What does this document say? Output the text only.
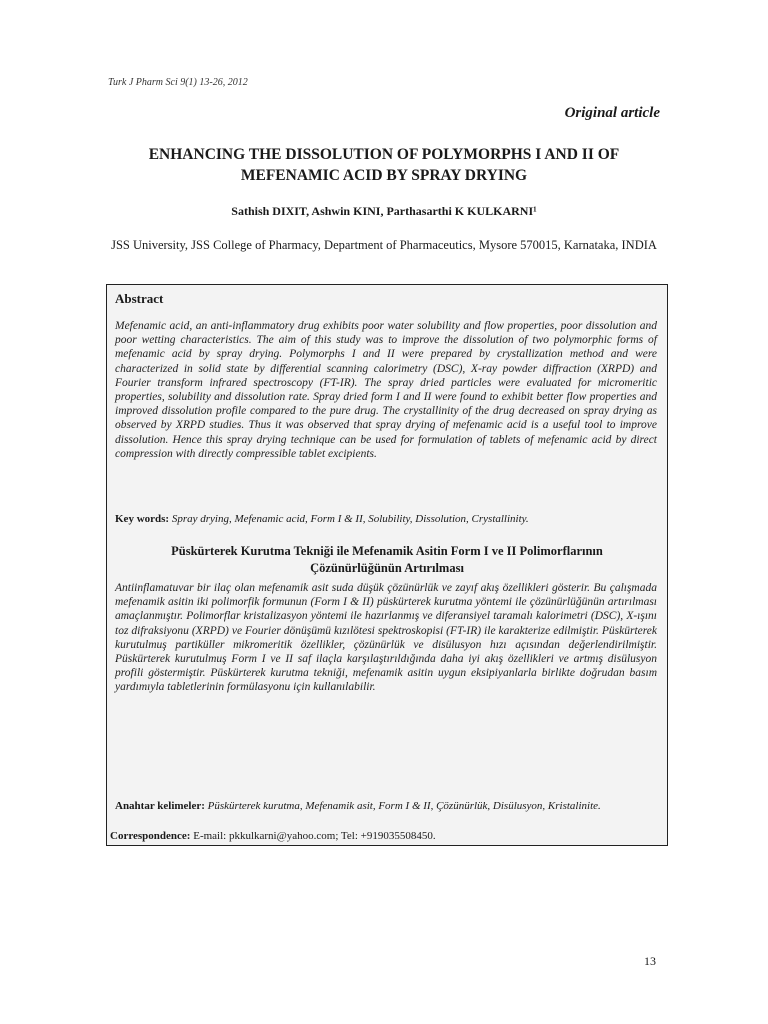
Turk J Pharm Sci 9(1) 13-26, 2012
Original article
ENHANCING THE DISSOLUTION OF POLYMORPHS I AND II OF MEFENAMIC ACID BY SPRAY DRYING
Sathish DIXIT, Ashwin KINI, Parthasarthi K KULKARNI¹
JSS University, JSS College of Pharmacy, Department of Pharmaceutics, Mysore 570015, Karnataka, INDIA
Abstract
Mefenamic acid, an anti-inflammatory drug exhibits poor water solubility and flow properties, poor dissolution and poor wetting characteristics. The aim of this study was to improve the dissolution of two polymorphic forms of mefenamic acid by spray drying. Polymorphs I and II were prepared by crystallization method and were characterized in solid state by differential scanning calorimetry (DSC), X-ray powder diffraction (XRPD) and Fourier transform infrared spectroscopy (FT-IR). The spray dried particles were evaluated for micromeritic properties, solubility and dissolution rate. Spray dried form I and II were found to exhibit better flow properties and improved dissolution profile compared to the pure drug. The crystallinity of the drug decreased on spray drying as observed by XRPD studies. Thus it was observed that spray drying of mefenamic acid is a useful tool to improve dissolution. Hence this spray drying technique can be used for formulation of tablets of mefenamic acid by direct compression with directly compressible tablet excipients.
Key words: Spray drying, Mefenamic acid, Form I & II, Solubility, Dissolution, Crystallinity.
Püskürterek Kurutma Tekniği ile Mefenamik Asitin Form I ve II Polimorflarının Çözünürlüğünün Artırılması
Antiinflamatuvar bir ilaç olan mefenamik asit suda düşük çözünürlük ve zayıf akış özellikleri gösterir. Bu çalışmada mefenamik asitin iki polimorfik formunun (Form I & II) püskürterek kurutma yöntemi ile çözünürlüğünün artırılması amaçlanmıştır. Polimorflar kristalizasyon yöntemi ile hazırlanmış ve diferansiyel taramalı kalorimetri (DSC), X-ışını toz difraksiyonu (XRPD) ve Fourier dönüşümü kızılötesi spektroskopisi (FT-IR) ile karakterize edilmiştir. Püskürterek kurutulmuş partiküller mikromeritik özellikler, çözünürlük ve disülusyon hızı açısından değerlendirilmiştir. Püskürterek kurutulmuş Form I ve II saf ilaçla karşılaştırıldığında daha iyi akış özellikleri ve artmış disülusyon profili göstermiştir. Püskürterek kurutma tekniği, mefenamik asitin uygun eksipiyanlarla birlikte doğrudan basım yardımıyla tabletlerinin formülasyonu için kullanılabilir.
Anahtar kelimeler: Püskürterek kurutma, Mefenamik asit, Form I & II, Çözünürlük, Disülusyon, Kristalinite.
Correspondence: E-mail: pkkulkarni@yahoo.com; Tel: +919035508450.
13
